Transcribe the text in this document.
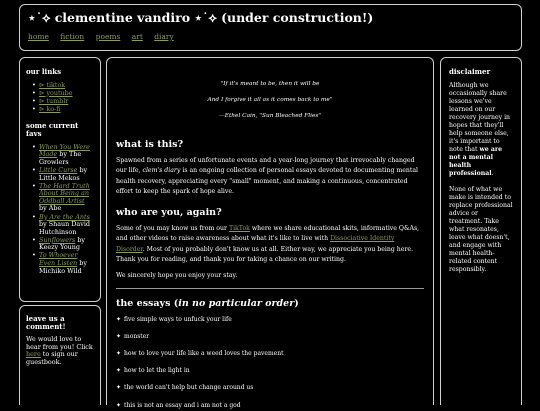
⋆˙⟡ clementine vandiro ⋆˙⟡ (under construction!)
home fiction poems art diary
our links
• ⊳ tiktok
• ⊳ youtube
• ⊳ tumblr
• ⊳ ko-fi
some current favs
• When You Were Made by The Growlers
• Little Curse by Little Mekos
• The Hard Truth About Being an Oddball Artist by Abe
• By Are the Ants by Shaun David Hutchinson
• Sunflowers by Keezy Young
• To Whoever Even Listen by Michiko Wild
leave us a comment!
We would love to hear from you! Click here to sign our guestbook.

"If it's meant to be, then it will be

And I forgive it all as it comes back to me"

—Ethel Cain, "Sun Bleached Flies"

what is this?

Spawned from a series of unfortunate events and a year-long journey that irrevocably changed our life, clem's diary is an ongoing collection of personal essays devoted to documenting mental health recovery, appreciating every "small" moment, and making a continuous, concentrated effort to keep the spark of hope alive.

who are you, again?

Some of you may know us from our TikTok where we share educational skits, informative Q&As, and other videos to raise awareness about what it's like to live with Dissociative Identity Disorder. Most of you probably don't know us at all. Either way, we appreciate you being here. Thank you for reading, and thank you for taking a chance on our writing.

We sincerely hope you enjoy your stay.

the essays (in no particular order)
✦ five simple ways to unfuck your life
✦ monster
✦ how to love your life like a weed loves the pavement
✦ how to let the light in
✦ the world can't help but change around us
✦ this is not an essay and i am not a god
disclaimer

Although we occasionally share lessons we've learned on our recovery journey in hopes that they'll help someone else, it's important to note that we are not a mental health professional.

None of what we make is intended to replace professional advice or treatment. Take what resonates, leave what doesn't, and engage with mental health-related content responsibly.
